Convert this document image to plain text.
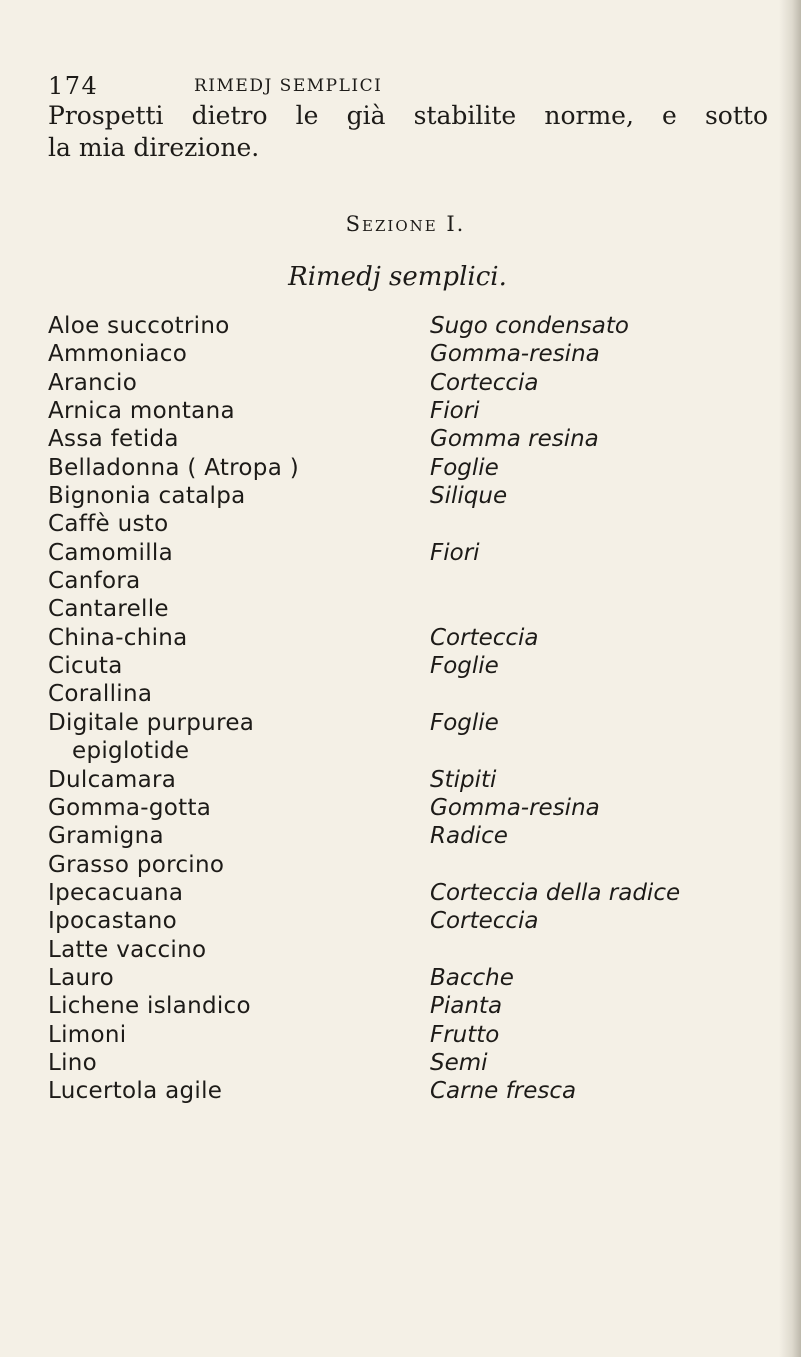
174	RIMEDJ SEMPLICI
Prospetti dietro le già stabilite norme, e sotto
la mia direzione.
Sezione I.
Rimedj semplici.
Aloe succotrino	Sugo condensato
Ammoniaco	Gomma-resina
Arancio	Corteccia
Arnica montana	Fiori
Assa fetida	Gomma resina
Belladonna ( Atropa )	Foglie
Bignonia catalpa	Silique
Caffè usto
Camomilla	Fiori
Canfora
Cantarelle
China-china	Corteccia
Cicuta	Foglie
Corallina
Digitale purpurea	Foglie
epiglotide
Dulcamara	Stipiti
Gomma-gotta	Gomma-resina
Gramigna	Radice
Grasso porcino
Ipecacuana	Corteccia della radice
Ipocastano	Corteccia
Latte vaccino
Lauro	Bacche
Lichene islandico	Pianta
Limoni	Frutto
Lino	Semi
Lucertola agile	Carne fresca
